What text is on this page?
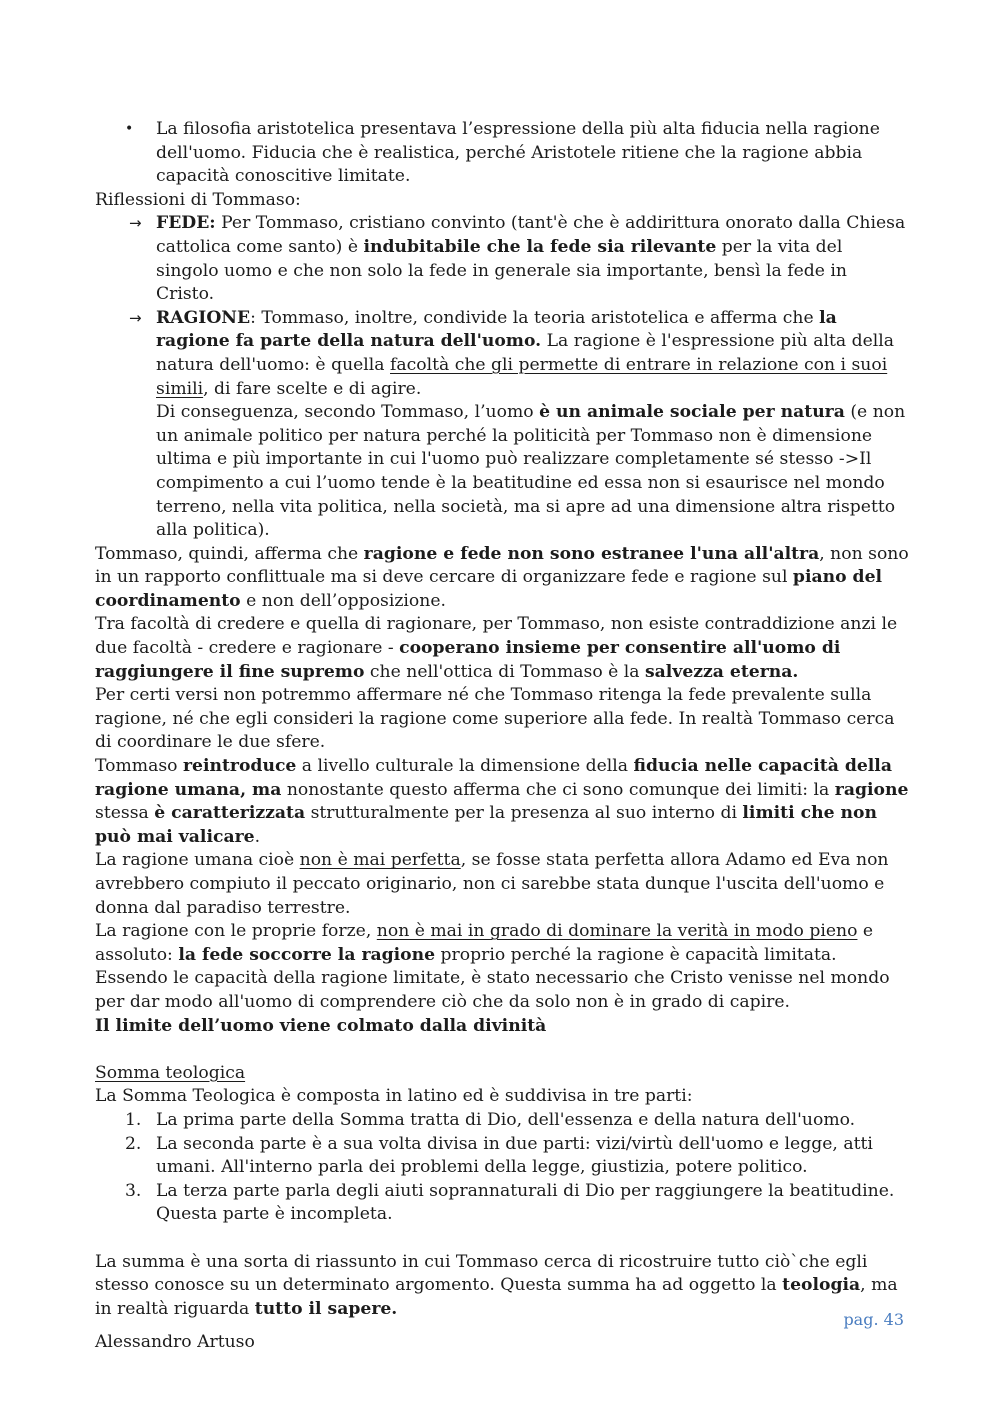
• La filosofia aristotelica presentava l’espressione della più alta fiducia nella ragione dell'uomo. Fiducia che è realistica, perché Aristotele ritiene che la ragione abbia capacità conoscitive limitate.

Riflessioni di Tommaso:

→ FEDE: Per Tommaso, cristiano convinto (tant'è che è addirittura onorato dalla Chiesa cattolica come santo) è indubitabile che la fede sia rilevante per la vita del singolo uomo e che non solo la fede in generale sia importante, bensì la fede in Cristo.
→ RAGIONE: Tommaso, inoltre, condivide la teoria aristotelica e afferma che la ragione fa parte della natura dell'uomo. La ragione è l'espressione più alta della natura dell'uomo: è quella facoltà che gli permette di entrare in relazione con i suoi simili, di fare scelte e di agire.
Di conseguenza, secondo Tommaso, l’uomo è un animale sociale per natura (e non un animale politico per natura perché la politicità per Tommaso non è dimensione ultima e più importante in cui l'uomo può realizzare completamente sé stesso ->Il compimento a cui l’uomo tende è la beatitudine ed essa non si esaurisce nel mondo terreno, nella vita politica, nella società, ma si apre ad una dimensione altra rispetto alla politica).

Tommaso, quindi, afferma che ragione e fede non sono estranee l'una all'altra, non sono in un rapporto conflittuale ma si deve cercare di organizzare fede e ragione sul piano del coordinamento e non dell’opposizione.

Tra facoltà di credere e quella di ragionare, per Tommaso, non esiste contraddizione anzi le due facoltà - credere e ragionare - cooperano insieme per consentire all'uomo di raggiungere il fine supremo che nell'ottica di Tommaso è la salvezza eterna.

Per certi versi non potremmo affermare né che Tommaso ritenga la fede prevalente sulla ragione, né che egli consideri la ragione come superiore alla fede. In realtà Tommaso cerca di coordinare le due sfere.

Tommaso reintroduce a livello culturale la dimensione della fiducia nelle capacità della ragione umana, ma nonostante questo afferma che ci sono comunque dei limiti: la ragione stessa è caratterizzata strutturalmente per la presenza al suo interno di limiti che non può mai valicare.

La ragione umana cioè non è mai perfetta, se fosse stata perfetta allora Adamo ed Eva non avrebbero compiuto il peccato originario, non ci sarebbe stata dunque l'uscita dell'uomo e donna dal paradiso terrestre.

La ragione con le proprie forze, non è mai in grado di dominare la verità in modo pieno e assoluto: la fede soccorre la ragione proprio perché la ragione è capacità limitata.

Essendo le capacità della ragione limitate, è stato necessario che Cristo venisse nel mondo per dar modo all'uomo di comprendere ciò che da solo non è in grado di capire.

Il limite dell’uomo viene colmato dalla divinità

Somma teologica

La Somma Teologica è composta in latino ed è suddivisa in tre parti:

1. La prima parte della Somma tratta di Dio, dell'essenza e della natura dell'uomo.
2. La seconda parte è a sua volta divisa in due parti: vizi/virtù dell'uomo e legge, atti umani. All'interno parla dei problemi della legge, giustizia, potere politico.
3. La terza parte parla degli aiuti soprannaturali di Dio per raggiungere la beatitudine. Questa parte è incompleta.

La summa è una sorta di riassunto in cui Tommaso cerca di ricostruire tutto ciò`che egli stesso conosce su un determinato argomento. Questa summa ha ad oggetto la teologia, ma in realtà riguarda tutto il sapere.

pag. 43
Alessandro Artuso
